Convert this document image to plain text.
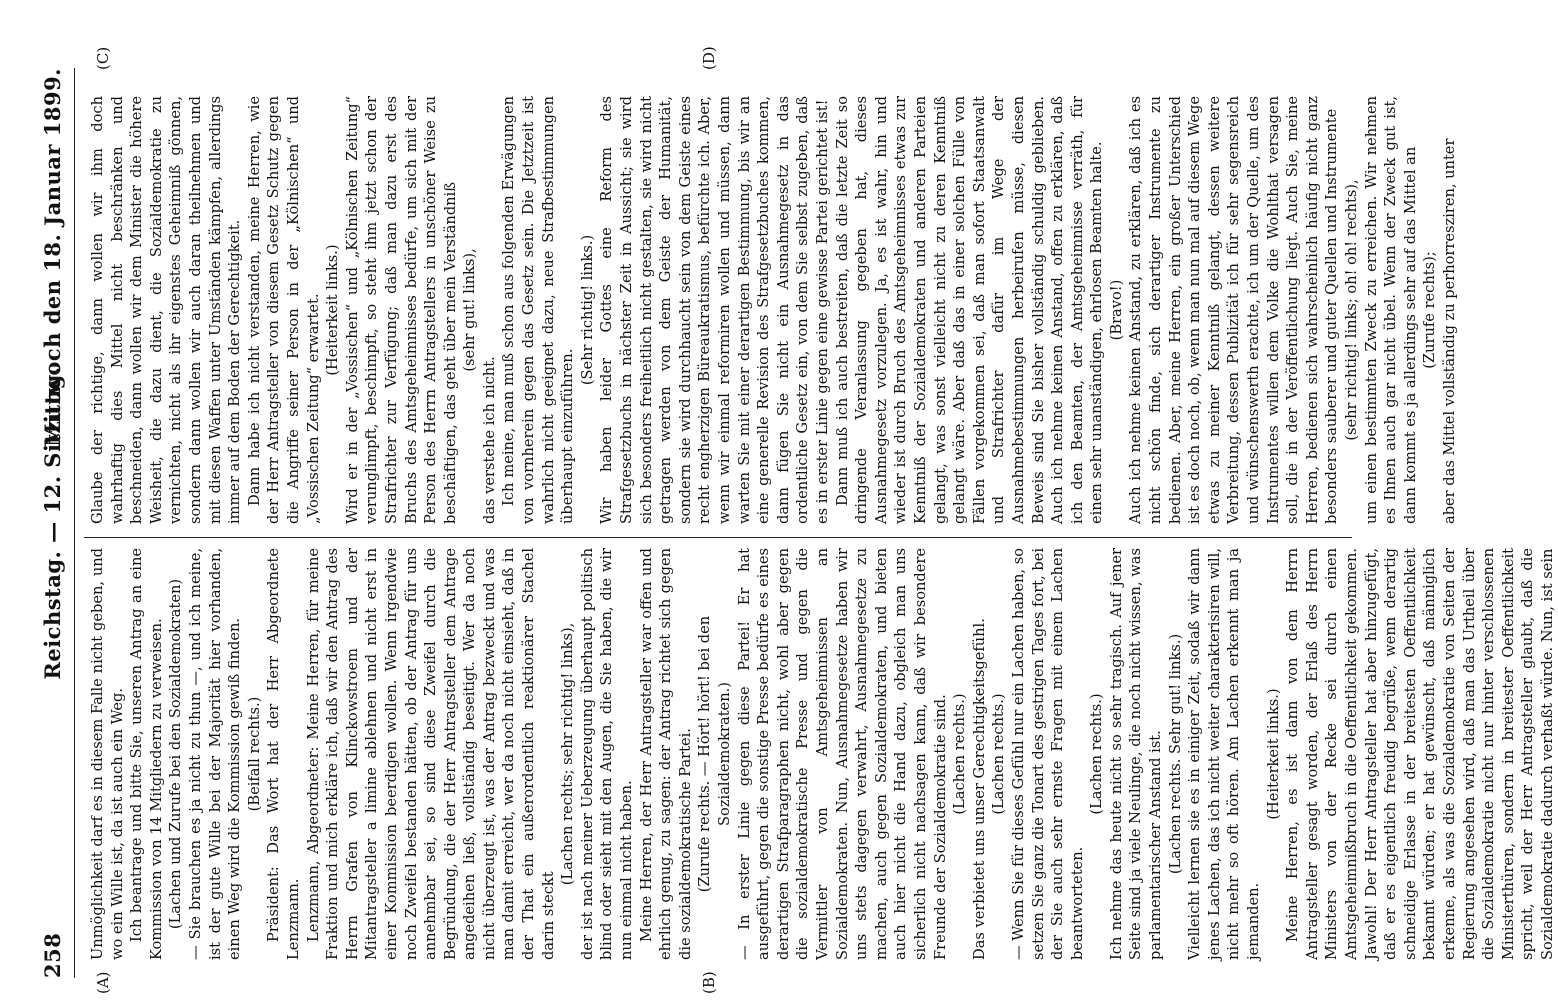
258
Reichstag. — 12. Sitzung.
Mittwoch den 18. Januar 1899.
(A)	(B)
(C)	(D)

Unmöglichkeit darf es in diesem Falle nicht geben, und wo ein Wille ist, da ist auch ein Weg. Ich beantrage und bitte Sie, unseren Antrag an eine Kommission von 14 Mitgliedern zu verweisen. (Lachen und Zurufe bei den Sozialdemokraten) — Sie brauchen es ja nicht zu thun —, und ich meine, ist der gute Wille bei der Majorität hier vorhanden, einen Weg wird die Kommission gewiß finden. (Beifall rechts.) Präsident: Das Wort hat der Herr Abgeordnete Lenzmann. Lenzmann, Abgeordneter: Meine Herren, für meine Fraktion und mich erkläre ich, daß wir den Antrag des Herrn Grafen von Klinckowstroem und der Mitantragsteller a limine ablehnen und nicht erst in einer Kommission beerdigen wollen. Wenn irgendwie noch Zweifel bestanden hätten, ob der Antrag für uns annehmbar sei, so sind diese Zweifel durch die Begründung, die der Herr Antragsteller dem Antrage angedeihen ließ, vollständig beseitigt. Wer da noch nicht überzeugt ist, was der Antrag bezweckt und was man damit erreicht, wer da noch nicht einsieht, daß in der That ein außerordentlich reaktionärer Stachel darin steckt

(Lachen rechts; sehr richtig! links), der ist nach meiner Ueberzeugung überhaupt politisch blind oder sieht mit den Augen, die Sie haben, die wir nun einmal nicht haben. Meine Herren, der Herr Antragsteller war offen und ehrlich genug, zu sagen: der Antrag richtet sich gegen die sozialdemokratische Partei. (Zurufe rechts. — Hört! hört! bei den Sozialdemokraten.) — In erster Linie gegen diese Partei! Er hat ausgeführt, gegen die sonstige Presse bedürfe es eines derartigen Strafparagraphen nicht, wohl aber gegen die sozialdemokratische Presse und gegen die Vermittler von Amtsgeheimnissen an Sozialdemokraten. Nun, Ausnahmegesetze haben wir uns stets dagegen verwahrt, Ausnahmegesetze zu machen, auch gegen Sozialdemokraten, und bieten auch hier nicht die Hand dazu, obgleich man uns sicherlich nicht nachsagen kann, daß wir besondere Freunde der Sozialdemokratie sind. (Lachen rechts.) Das verbietet uns unser Gerechtigkeitsgefühl. (Lachen rechts.) — Wenn Sie für dieses Gefühl nur ein Lachen haben, so setzen Sie ganz die Tonart des gestrigen Tages fort, bei der Sie auch sehr ernste Fragen mit einem Lachen beantworteten.

(Lachen rechts.) Ich nehme das heute nicht so sehr tragisch. Auf jener Seite sind ja viele Neulinge, die noch nicht wissen, was parlamentarischer Anstand ist. (Lachen rechts. Sehr gut! links.) Vielleicht lernen sie es in einiger Zeit, sodaß wir dann jenes Lachen, das ich nicht weiter charakterisiren will, nicht mehr so oft hören. Am Lachen erkennt man ja jemanden.

(Heiterkeit links.) Meine Herren, es ist dann von dem Herrn Antragsteller gesagt worden, der Erlaß des Herrn Ministers von der Recke sei durch einen Amtsgeheimnißbruch in die Oeffentlichkeit gekommen. Jawohl! Der Herr Antragsteller hat aber hinzugefügt, daß er es eigentlich freudig begrüße, wenn derartig schneidige Erlasse in der breitesten Oeffentlichkeit bekannt würden; er hat gewünscht, daß männiglich erkenne, als was die Sozialdemokratie von Seiten der Regierung angesehen wird, daß man das Urtheil über die Sozialdemokratie nicht nur hinter verschlossenen Ministerthüren, sondern in breitester Oeffentlichkeit spricht, weil der Herr Antragsteller glaubt, daß die Sozialdemokratie dadurch verhaßt würde. Nun, ist sein

Glaube der richtige, dann wollen wir ihm doch wahrhaftig dies Mittel nicht beschränken und beschneiden, dann wollen wir dem Minister die höhere Weisheit, die dazu dient, die Sozialdemokratie zu vernichten, nicht als ihr eigenstes Geheimniß gönnen, sondern dann wollen wir auch daran theilnehmen und mit diesen Waffen unter Umständen kämpfen, allerdings immer auf dem Boden der Gerechtigkeit. Dann habe ich nicht verstanden, meine Herren, wie der Herr Antragsteller von diesem Gesetz Schutz gegen die Angriffe seiner Person in der „Kölnischen“ und „Vossischen Zeitung“ erwartet. (Heiterkeit links.) Wird er in der „Vossischen“ und „Kölnischen Zeitung“ verunglimpft, beschimpft, so steht ihm jetzt schon der Strafrichter zur Verfügung; daß man dazu erst des Bruchs des Amtsgeheimnisses bedürfe, um sich mit der Person des Herrn Antragstellers in unschöner Weise zu beschäftigen, das geht über mein Verständniß (sehr gut! links),

das verstehe ich nicht. Ich meine, man muß schon aus folgenden Erwägungen von vornherein gegen das Gesetz sein. Die Jetztzeit ist wahrlich nicht geeignet dazu, neue Strafbestimmungen überhaupt einzuführen.

(Sehr richtig! links.) Wir haben leider Gottes eine Reform des Strafgesetzbuchs in nächster Zeit in Aussicht; sie wird sich besonders freiheitlich nicht gestalten, sie wird nicht getragen werden von dem Geiste der Humanität, sondern sie wird durchhaucht sein von dem Geiste eines recht engherzigen Büreaukratismus, befürchte ich. Aber, wenn wir einmal reformiren wollen und müssen, dann warten Sie mit einer derartigen Bestimmung, bis wir an eine generelle Revision des Strafgesetzbuches kommen, dann fügen Sie nicht ein Ausnahmegesetz in das ordentliche Gesetz ein, von dem Sie selbst zugeben, daß es in erster Linie gegen eine gewisse Partei gerichtet ist! Dann muß ich auch bestreiten, daß die letzte Zeit so dringende Veranlassung gegeben hat, dieses Ausnahmegesetz vorzulegen. Ja, es ist wahr, hin und wieder ist durch Bruch des Amtsgeheimnisses etwas zur Kenntniß der Sozialdemokraten und anderen Parteien gelangt, was sonst vielleicht nicht zu deren Kenntniß gelangt wäre. Aber daß das in einer solchen Fülle von Fällen vorgekommen sei, daß man sofort Staatsanwalt und Strafrichter dafür im Wege der Ausnahmebestimmungen herbeirufen müsse, diesen Beweis sind Sie bisher vollständig schuldig geblieben. Auch ich nehme keinen Anstand, offen zu erklären, daß ich den Beamten, der Amtsgeheimnisse verräth, für einen sehr unanständigen, ehrlosen Beamten halte. (Bravo!) Auch ich nehme keinen Anstand, zu erklären, daß ich es nicht schön finde, sich derartiger Instrumente zu bedienen. Aber, meine Herren, ein großer Unterschied ist es doch noch, ob, wenn man nun mal auf diesem Wege etwas zu meiner Kenntniß gelangt, dessen weitere Verbreitung, dessen Publizität ich für sehr segensreich und wünschenswerth erachte, ich um der Quelle, um des Instrumentes willen dem Volke die Wohlthat versagen soll, die in der Veröffentlichung liegt. Auch Sie, meine Herren, bedienen sich wahrscheinlich häufig nicht ganz besonders sauberer und guter Quellen und Instrumente (sehr richtig! links; oh! oh! rechts), um einen bestimmten Zweck zu erreichen. Wir nehmen es Ihnen auch gar nicht übel. Wenn der Zweck gut ist, dann kommt es ja allerdings sehr auf das Mittel an (Zurufe rechts); aber das Mittel vollständig zu perhorresziren, unter
